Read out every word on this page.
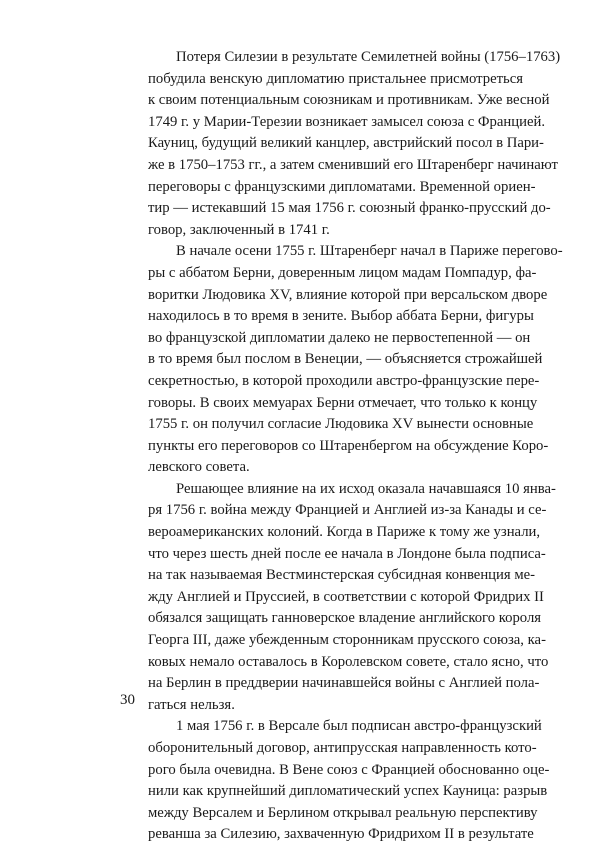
Потеря Силезии в результате Семилетней войны (1756–1763)
побудила венскую дипломатию пристальнее присмотреться
к своим потенциальным союзникам и противникам. Уже весной
1749 г. у Марии-Терезии возникает замысел союза с Францией.
Кауниц, будущий великий канцлер, австрийский посол в Пари-
же в 1750–1753 гг., а затем сменивший его Штаренберг начинают
переговоры с французскими дипломатами. Временной ориен-
тир — истекавший 15 мая 1756 г. союзный франко-прусский до-
говор, заключенный в 1741 г.
В начале осени 1755 г. Штаренберг начал в Париже перегово-
ры с аббатом Берни, доверенным лицом мадам Помпадур, фа-
воритки Людовика XV, влияние которой при версальском дворе
находилось в то время в зените. Выбор аббата Берни, фигуры
во французской дипломатии далеко не первостепенной — он
в то время был послом в Венеции, — объясняется строжайшей
секретностью, в которой проходили австро-французские пере-
говоры. В своих мемуарах Берни отмечает, что только к концу
1755 г. он получил согласие Людовика XV вынести основные
пункты его переговоров со Штаренбергом на обсуждение Коро-
левского совета.
Решающее влияние на их исход оказала начавшаяся 10 янва-
ря 1756 г. война между Францией и Англией из-за Канады и се-
вероамериканских колоний. Когда в Париже к тому же узнали,
что через шесть дней после ее начала в Лондоне была подписа-
на так называемая Вестминстерская субсидная конвенция ме-
жду Англией и Пруссией, в соответствии с которой Фридрих II
обязался защищать ганноверское владение английского короля
Георга III, даже убежденным сторонникам прусского союза, ка-
ковых немало оставалось в Королевском совете, стало ясно, что
на Берлин в преддверии начинавшейся войны с Англией пола-
гаться нельзя.
1 мая 1756 г. в Версале был подписан австро-французский
оборонительный договор, антипрусская направленность кото-
рого была очевидна. В Вене союз с Францией обоснованно оце-
нили как крупнейший дипломатический успех Кауница: разрыв
между Версалем и Берлином открывал реальную перспективу
реванша за Силезию, захваченную Фридрихом II в результате
30
